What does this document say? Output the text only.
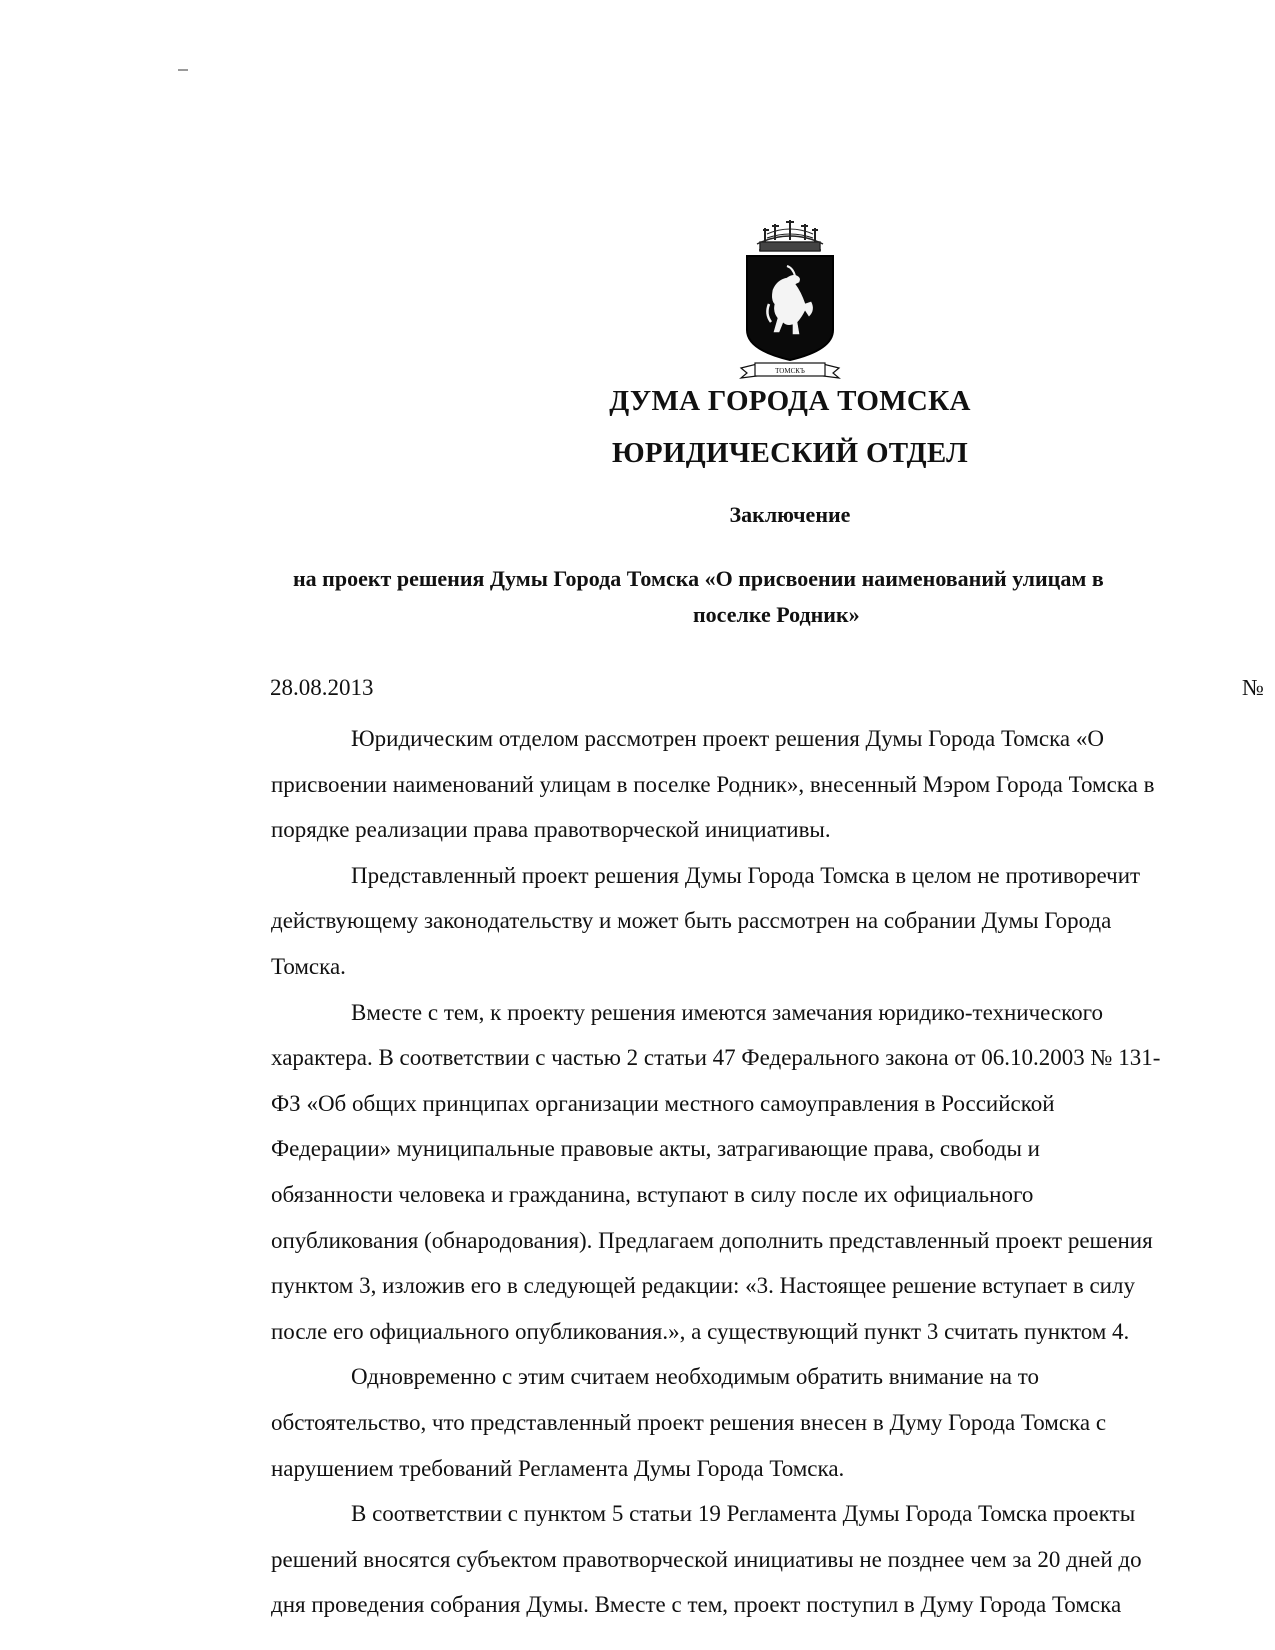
ТОМСКЪ
ДУМА ГОРОДА ТОМСКА
ЮРИДИЧЕСКИЙ ОТДЕЛ
Заключение
на проект решения Думы Города Томска «О присвоении наименований улицам в
поселке Родник»
28.08.2013	№
Юридическим отделом рассмотрен проект решения Думы Города Томска «О
присвоении наименований улицам в поселке Родник», внесенный Мэром Города Томска в
порядке реализации права правотворческой инициативы.
Представленный проект решения Думы Города Томска в целом не противоречит
действующему законодательству и может быть рассмотрен на собрании Думы Города
Томска.
Вместе с тем, к проекту решения имеются замечания юридико-технического
характера. В соответствии с частью 2 статьи 47 Федерального закона от 06.10.2003 № 131-
ФЗ «Об общих принципах организации местного самоуправления в Российской
Федерации» муниципальные правовые акты, затрагивающие права, свободы и
обязанности человека и гражданина, вступают в силу после их официального
опубликования (обнародования). Предлагаем дополнить представленный проект решения
пунктом 3, изложив его в следующей редакции: «3. Настоящее решение вступает в силу
после его официального опубликования.», а существующий пункт 3 считать пунктом 4.
Одновременно с этим считаем необходимым обратить внимание на то
обстоятельство, что представленный проект решения внесен в Думу Города Томска с
нарушением требований Регламента Думы Города Томска.
В соответствии с пунктом 5 статьи 19 Регламента Думы Города Томска проекты
решений вносятся субъектом правотворческой инициативы не позднее чем за 20 дней до
дня проведения собрания Думы. Вместе с тем, проект поступил в Думу Города Томска
